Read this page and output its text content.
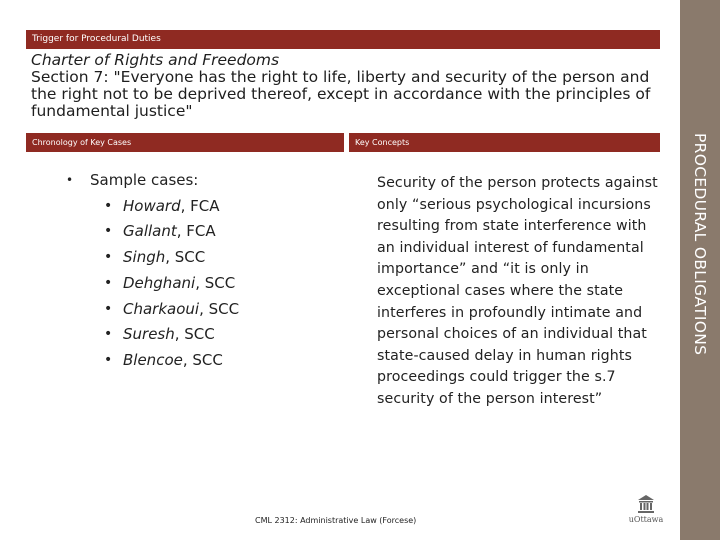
Trigger for Procedural Duties
Charter of Rights and Freedoms
Section 7: "Everyone has the right to life, liberty and security of the person and the right not to be deprived thereof, except in accordance with the principles of fundamental justice"
Chronology of Key Cases	Key Concepts
•	Sample cases:
• Howard , FCA
• Gallant , FCA
• Singh , SCC
• Dehghani , SCC
• Charkaoui , SCC
• Suresh , SCC
• Blencoe , SCC
Security of the person protects against only “serious psychological incursions resulting from state interference with an individual interest of fundamental importance” and “it is only in exceptional cases where the state interferes in profoundly intimate and personal choices of an individual that state-caused delay in human rights proceedings could trigger the s.7 security of the person interest”
PROCEDURAL OBLIGATIONS
CML 2312: Administrative Law (Forcese)	uOttawa
